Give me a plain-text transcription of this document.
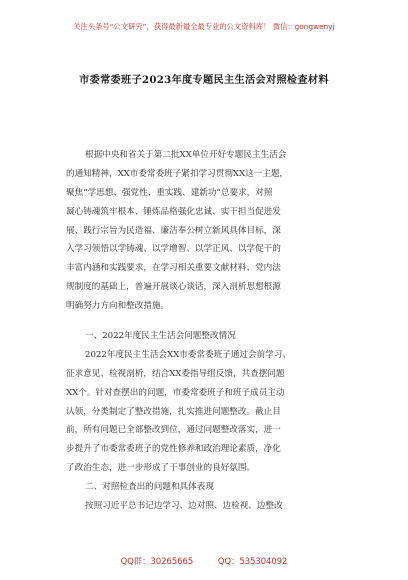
关注头条号“公文研究”，获得最新最全最专业的公文资料库！ 微信：gongwenyj
市委常委班子2023年度专题民主生活会对照检查材料
根据中央和省关于第二批XX单位开好专题民主生活会
的通知精神，XX市委常委班子紧扣学习贯彻XX这一主题，
聚焦“学思想、强党性、重实践、建新功”总要求，对照
凝心铸魂筑牢根本、锤炼品格强化忠诚、实干担当促进发
展、践行宗旨为民造福、廉洁奉公树立新风具体目标，深
入学习领悟以学铸魂、以学增智、以学正风、以学促干的
丰富内涵和实践要求，在学习相关重要文献材料、党内法
规制度的基础上，普遍开展谈心谈话，深入剖析思想根源
明确努力方向和整改措施。
一、2022年度民主生活会问题整改情况
2022年度民主生活会XX市委常委班子通过会前学习、
征求意见、检视剖析，结合XX委指导组反馈，共查摆问题
XX个。针对查摆出的问题，市委常委班子和班子成员主动
认领，分类制定了整改措施，扎实推进问题整改。截止目
前，所有问题已全部整改到位，通过问题整改落实，进一
步提升了市委常委班子的党性修养和政治理论素质，净化
了政治生态，进一步形成了干事创业的良好氛围。
二、对照检查出的问题和具体表现
按照习近平总书记边学习、边对照、边检视、边整改
QQ群：30265665	QQ：535304092
